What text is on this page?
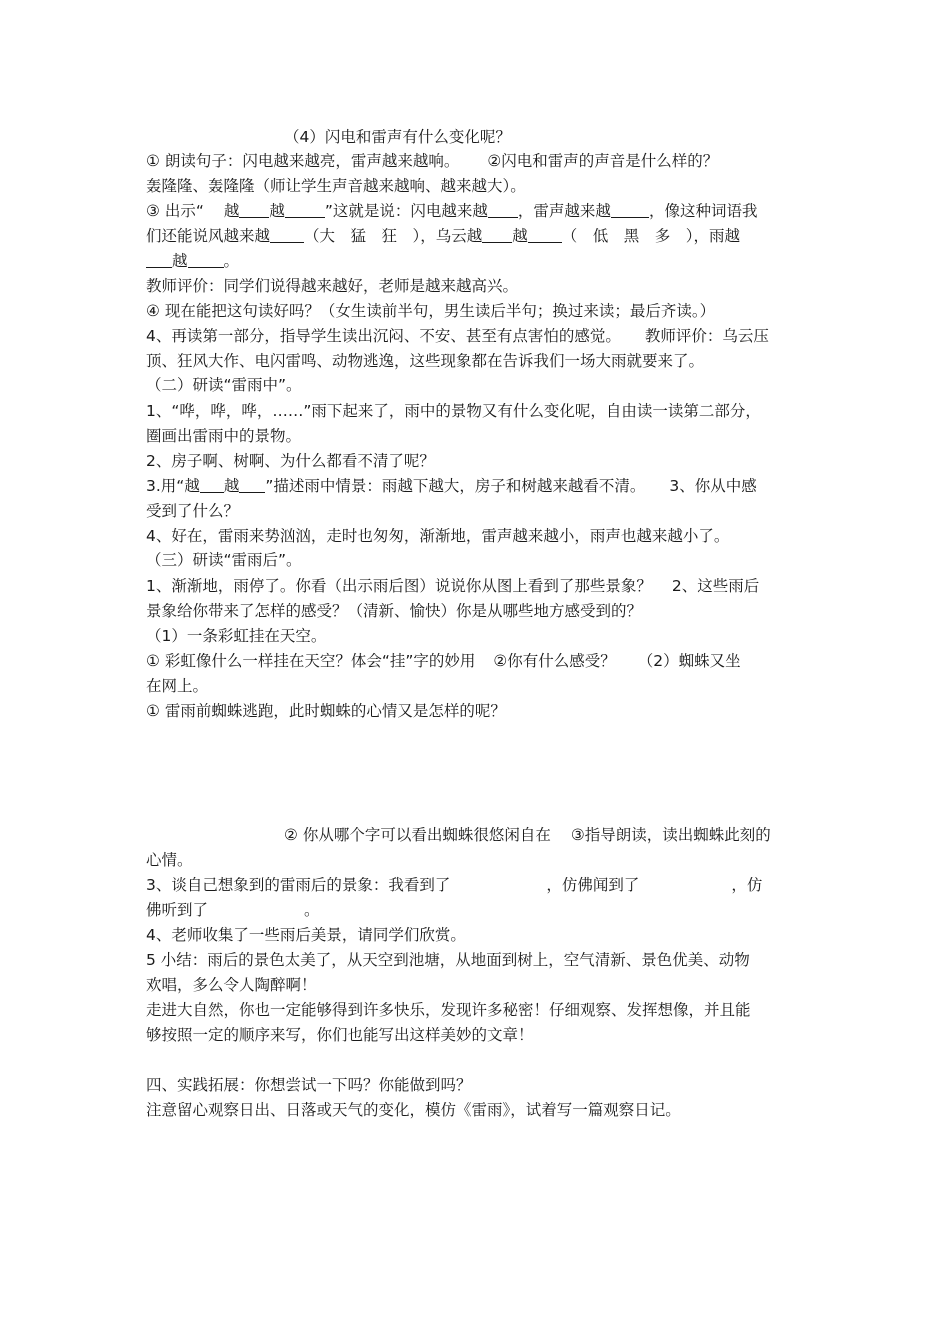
（4）闪电和雷声有什么变化呢？
① 朗读句子：闪电越来越亮，雷声越来越响。 ②闪电和雷声的声音是什么样的？
轰隆隆、轰隆隆（师让学生声音越来越响、越来越大）。
③ 出示“ 越 越	”这就是说：闪电越来越 ，雷声越来越 ，像这种词语我
们还能说风越来越 （大　猛　狂　），乌云越 越 （　低　黑　多　），雨越
越 。
教师评价：同学们说得越来越好，老师是越来越高兴。
④ 现在能把这句读好吗？（女生读前半句，男生读后半句；换过来读；最后齐读。）
4、再读第一部分，指导学生读出沉闷、不安、甚至有点害怕的感觉。 教师评价：乌云压
顶、狂风大作、电闪雷鸣、动物逃逸，这些现象都在告诉我们一场大雨就要来了。
（二）研读“雷雨中”。
1、“哗，哗，哗，……”雨下起来了，雨中的景物又有什么变化呢，自由读一读第二部分，
圈画出雷雨中的景物。
2、房子啊、树啊、为什么都看不清了呢？
3.用“越 越 ”描述雨中情景：雨越下越大，房子和树越来越看不清。 3、你从中感
受到了什么？
4、好在，雷雨来势汹汹，走时也匆匆，渐渐地，雷声越来越小，雨声也越来越小了。
（三）研读“雷雨后”。
1、渐渐地，雨停了。你看（出示雨后图）说说你从图上看到了那些景象？ 2、这些雨后
景象给你带来了怎样的感受？（清新、愉快）你是从哪些地方感受到的？
（1）一条彩虹挂在天空。
① 彩虹像什么一样挂在天空？体会“挂”字的妙用 ②你有什么感受？ （2）蜘蛛又坐
在网上。
① 雷雨前蜘蛛逃跑，此时蜘蛛的心情又是怎样的呢？
② 你从哪个字可以看出蜘蛛很悠闲自在 ③指导朗读，读出蜘蛛此刻的
心情。
3、谈自己想象到的雷雨后的景象：我看到了	，仿佛闻到了	，仿
佛听到了	。
4、老师收集了一些雨后美景，请同学们欣赏。
5 小结：雨后的景色太美了，从天空到池塘，从地面到树上，空气清新、景色优美、动物
欢唱，多么令人陶醉啊！
走进大自然，你也一定能够得到许多快乐，发现许多秘密！仔细观察、发挥想像，并且能
够按照一定的顺序来写，你们也能写出这样美妙的文章！
四、实践拓展：你想尝试一下吗？你能做到吗？
注意留心观察日出、日落或天气的变化，模仿《雷雨》，试着写一篇观察日记。
